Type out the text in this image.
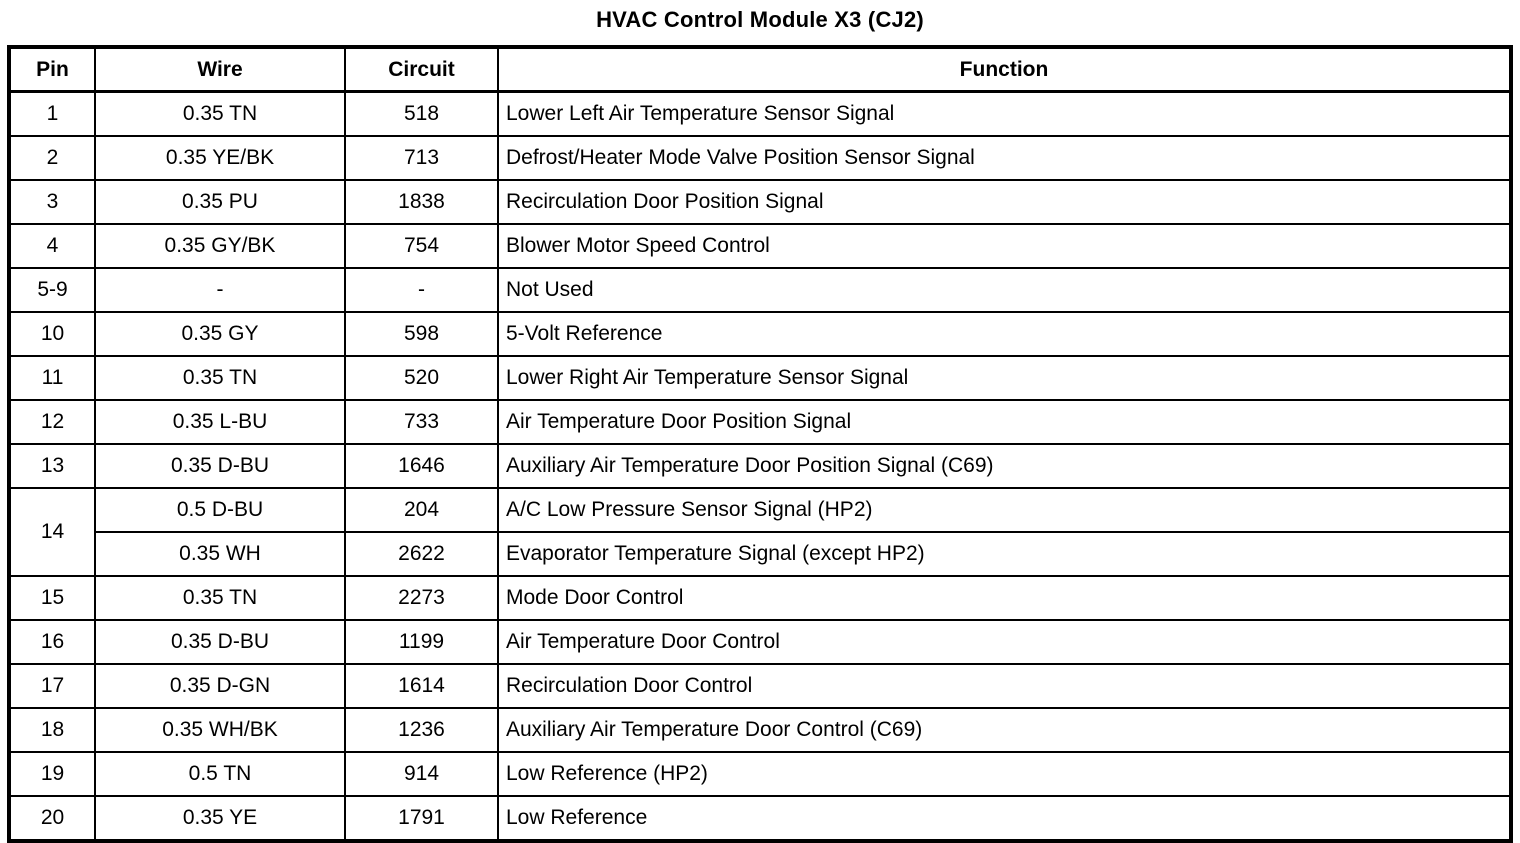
HVAC Control Module X3 (CJ2)
Pin	Wire	Circuit	Function
1	0.35 TN	518	Lower Left Air Temperature Sensor Signal
2	0.35 YE/BK	713	Defrost/Heater Mode Valve Position Sensor Signal
3	0.35 PU	1838	Recirculation Door Position Signal
4	0.35 GY/BK	754	Blower Motor Speed Control
5-9	-	-	Not Used
10	0.35 GY	598	5-Volt Reference
11	0.35 TN	520	Lower Right Air Temperature Sensor Signal
12	0.35 L-BU	733	Air Temperature Door Position Signal
13	0.35 D-BU	1646	Auxiliary Air Temperature Door Position Signal (C69)
14	0.5 D-BU	204	A/C Low Pressure Sensor Signal (HP2)
	0.35 WH	2622	Evaporator Temperature Signal (except HP2)
15	0.35 TN	2273	Mode Door Control
16	0.35 D-BU	1199	Air Temperature Door Control
17	0.35 D-GN	1614	Recirculation Door Control
18	0.35 WH/BK	1236	Auxiliary Air Temperature Door Control (C69)
19	0.5 TN	914	Low Reference (HP2)
20	0.35 YE	1791	Low Reference
